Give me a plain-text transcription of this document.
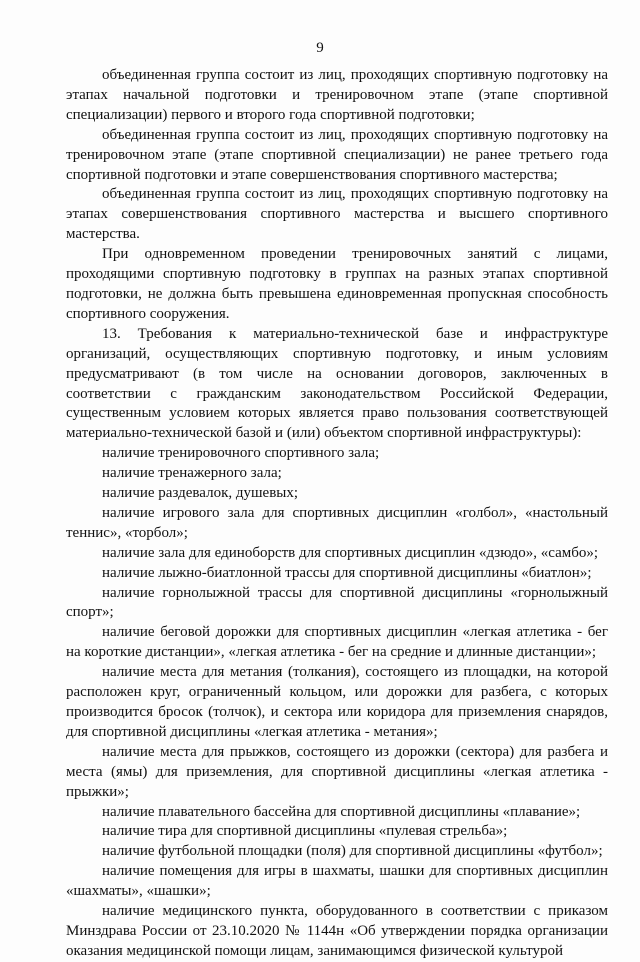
9

объединенная группа состоит из лиц, проходящих спортивную подготовку на этапах начальной подготовки и тренировочном этапе (этапе спортивной специализации) первого и второго года спортивной подготовки;

объединенная группа состоит из лиц, проходящих спортивную подготовку на тренировочном этапе (этапе спортивной специализации) не ранее третьего года спортивной подготовки и этапе совершенствования спортивного мастерства;

объединенная группа состоит из лиц, проходящих спортивную подготовку на этапах совершенствования спортивного мастерства и высшего спортивного мастерства.

При одновременном проведении тренировочных занятий с лицами, проходящими спортивную подготовку в группах на разных этапах спортивной подготовки, не должна быть превышена единовременная пропускная способность спортивного сооружения.

13. Требования к материально-технической базе и инфраструктуре организаций, осуществляющих спортивную подготовку, и иным условиям предусматривают (в том числе на основании договоров, заключенных в соответствии с гражданским законодательством Российской Федерации, существенным условием которых является право пользования соответствующей материально-технической базой и (или) объектом спортивной инфраструктуры):

наличие тренировочного спортивного зала;

наличие тренажерного зала;

наличие раздевалок, душевых;

наличие игрового зала для спортивных дисциплин «голбол», «настольный теннис», «торбол»;

наличие зала для единоборств для спортивных дисциплин «дзюдо», «самбо»;

наличие лыжно-биатлонной трассы для спортивной дисциплины «биатлон»;

наличие горнолыжной трассы для спортивной дисциплины «горнолыжный спорт»;

наличие беговой дорожки для спортивных дисциплин «легкая атлетика - бег на короткие дистанции», «легкая атлетика - бег на средние и длинные дистанции»;

наличие места для метания (толкания), состоящего из площадки, на которой расположен круг, ограниченный кольцом, или дорожки для разбега, с которых производится бросок (толчок), и сектора или коридора для приземления снарядов, для спортивной дисциплины «легкая атлетика - метания»;

наличие места для прыжков, состоящего из дорожки (сектора) для разбега и места (ямы) для приземления, для спортивной дисциплины «легкая атлетика - прыжки»;

наличие плавательного бассейна для спортивной дисциплины «плавание»;

наличие тира для спортивной дисциплины «пулевая стрельба»;

наличие футбольной площадки (поля) для спортивной дисциплины «футбол»;

наличие помещения для игры в шахматы, шашки для спортивных дисциплин «шахматы», «шашки»;

наличие медицинского пункта, оборудованного в соответствии с приказом Минздрава России от 23.10.2020 № 1144н «Об утверждении порядка организации оказания медицинской помощи лицам, занимающимся физической культурой
